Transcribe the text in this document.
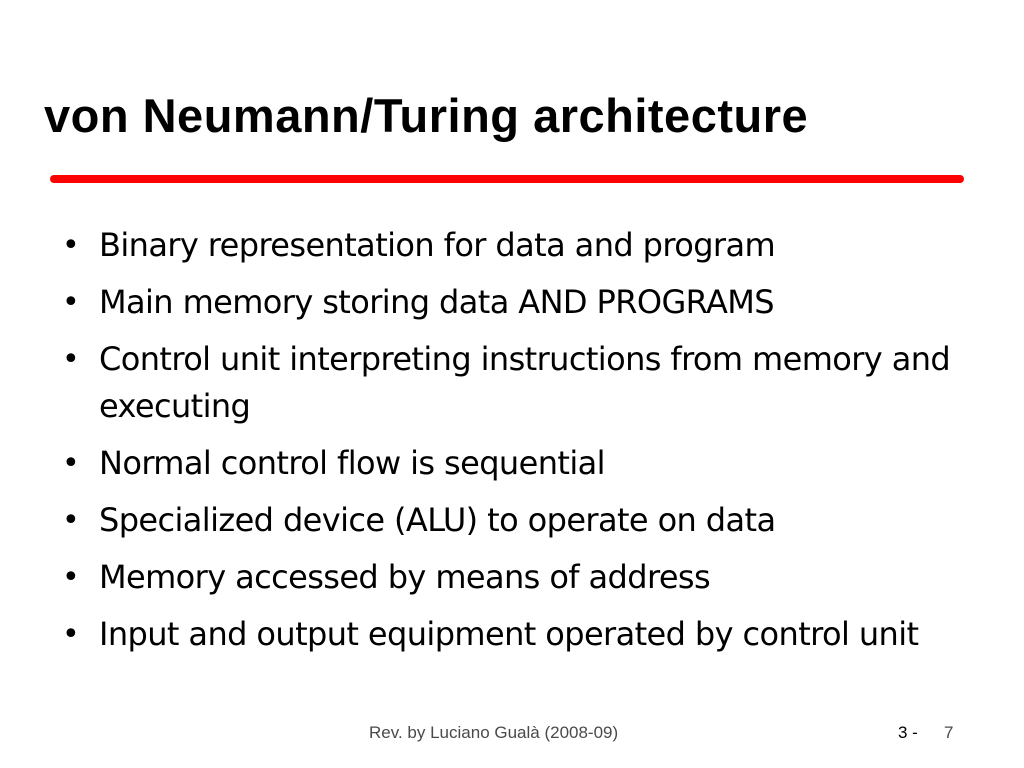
von Neumann/Turing architecture
• Binary representation for data and program
• Main memory storing data AND PROGRAMS
• Control unit interpreting instructions from memory and executing
• Normal control flow is sequential
• Specialized device (ALU) to operate on data
• Memory accessed by means of address
• Input and output equipment operated by control unit
Rev. by Luciano Gualà (2008-09)	3 - 7
